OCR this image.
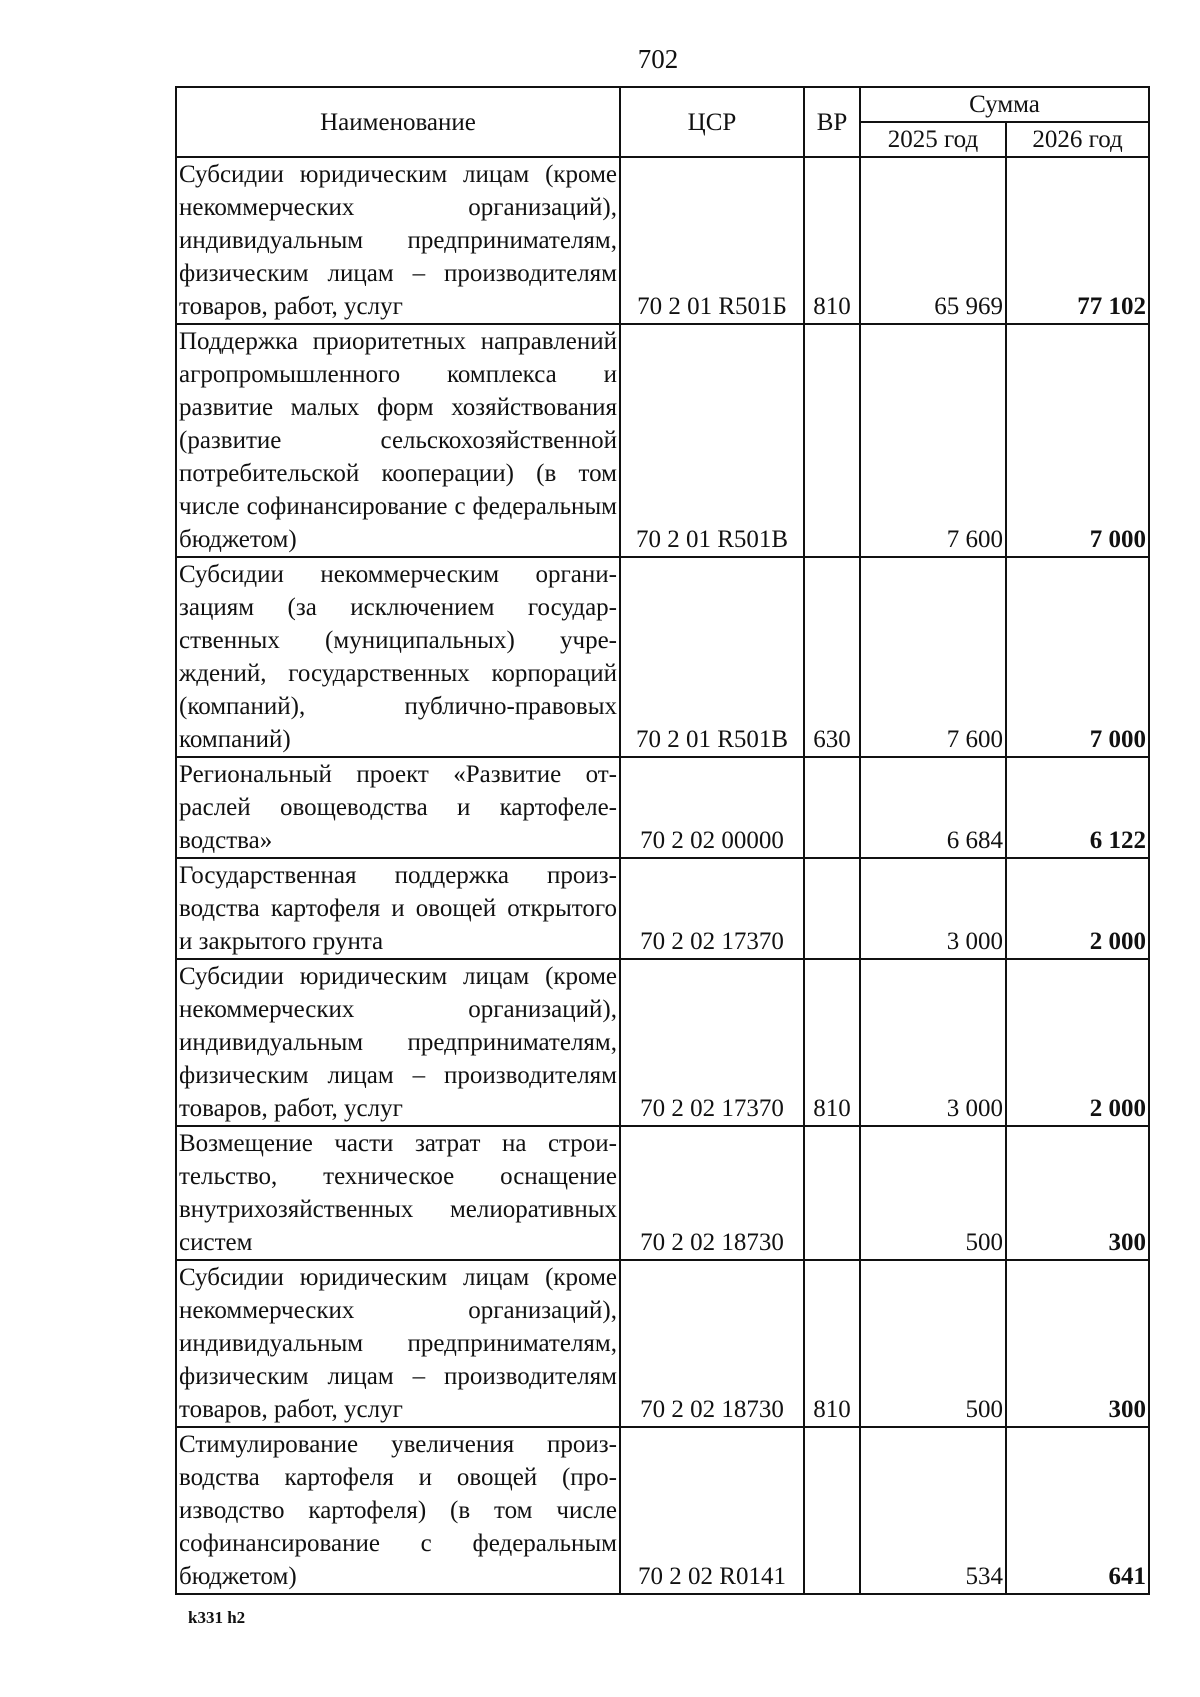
702
Наименование	ЦСР	ВР	Сумма	
			2025 год	2026 год
Субсидии юридическим лицам (кроме некоммерческих организаций), индивидуальным предпринимателям, физическим лицам – производителям товаров, работ, услуг	70 2 01 R501Б	810	65 969	77 102
Поддержка приоритетных направлений агропромышленного комплекса и развитие малых форм хозяйствования (развитие сельскохозяйственной потребительской кооперации) (в том числе софинансирование с федеральным бюджетом)	70 2 01 R501В		7 600	7 000
Субсидии некоммерческим организациям (за исключением государственных (муниципальных) учреждений, государственных корпораций (компаний), публично-правовых компаний)	70 2 01 R501В	630	7 600	7 000
Региональный проект «Развитие отраслей овощеводства и картофелеводства»	70 2 02 00000		6 684	6 122
Государственная поддержка производства картофеля и овощей открытого и закрытого грунта	70 2 02 17370		3 000	2 000
Субсидии юридическим лицам (кроме некоммерческих организаций), индивидуальным предпринимателям, физическим лицам – производителям товаров, работ, услуг	70 2 02 17370	810	3 000	2 000
Возмещение части затрат на строительство, техническое оснащение внутрихозяйственных мелиоративных систем	70 2 02 18730		500	300
Субсидии юридическим лицам (кроме некоммерческих организаций), индивидуальным предпринимателям, физическим лицам – производителям товаров, работ, услуг	70 2 02 18730	810	500	300
Стимулирование увеличения производства картофеля и овощей (производство картофеля) (в том числе софинансирование с федеральным бюджетом)	70 2 02 R0141		534	641
k331 h2
